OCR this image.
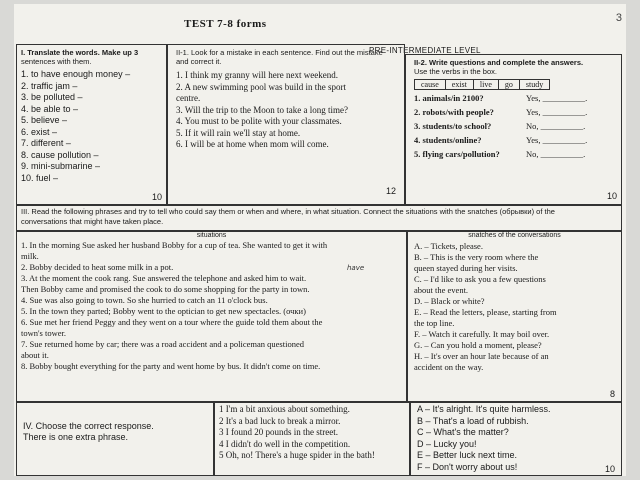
3
TEST 7-8 forms
PRE-INTERMEDIATE LEVEL
I. Translate the words. Make up 3
sentences with them.
1. to have enough money –
2. traffic jam –
3. be polluted –
4. be able to –
5. believe –
6. exist –
7. different –
8. cause pollution –
9. mini-submarine –
10. fuel –
10
II-1. Look for a mistake in each sentence. Find out the mistake
and correct it.
1. I think my granny will here next weekend.
2. A new swimming pool was build in the sport
centre.
3. Will the trip to the Moon to take a long time?
4. You must to be polite with your classmates.
5. If it will rain we'll stay at home.
6. I will be at home when mom will come.
12
II-2. Write questions and complete the answers.
Use the verbs in the box.
cause	exist	live	go	study
1. animals/in 2100?	Yes, __________.
2. robots/with people?	Yes, __________.
3. students/to school?	No, __________.
4. students/online?	Yes, __________.
5. flying cars/pollution?	No, __________.
10
III. Read the following phrases and try to tell who could say them or when and where, in what situation. Connect the situations with the snatches (обрывки) of the
conversations that might have taken place.
situations
1. In the morning Sue asked her husband Bobby for a cup of tea. She wanted to get it with
milk.
2. Bobby decided to heat some milk in a pot.
3. At the moment the cook rang. Sue answered the telephone and asked him to wait.
Then Bobby came and promised the cook to do some shopping for the party in town.
4. Sue was also going to town. So she hurried to catch an 11 o'clock bus.
5. In the town they parted; Bobby went to the optician to get new spectacles. (очки)
6. Sue met her friend Peggy and they went on a tour where the guide told them about the
town's tower.
7. Sue returned home by car; there was a road accident and a policeman questioned
about it.
8. Bobby bought everything for the party and went home by bus. It didn't come on time.
have
snatches of the conversations
A. – Tickets, please.
B. – This is the very room where the
queen stayed during her visits.
C. – I'd like to ask you a few questions
about the event.
D. – Black or white?
E. – Read the letters, please, starting from
the top line.
F. – Watch it carefully. It may boil over.
G. – Can you hold a moment, please?
H. – It's over an hour late because of an
accident on the way.
8
IV. Choose the correct response.
There is one extra phrase.
1 I'm a bit anxious about something.
2 It's a bad luck to break a mirror.
3 I found 20 pounds in the street.
4 I didn't do well in the competition.
5 Oh, no! There's a huge spider in the bath!
A – It's alright. It's quite harmless.
B – That's a load of rubbish.
C – What's the matter?
D – Lucky you!
E – Better luck next time.
F – Don't worry about us!	10
